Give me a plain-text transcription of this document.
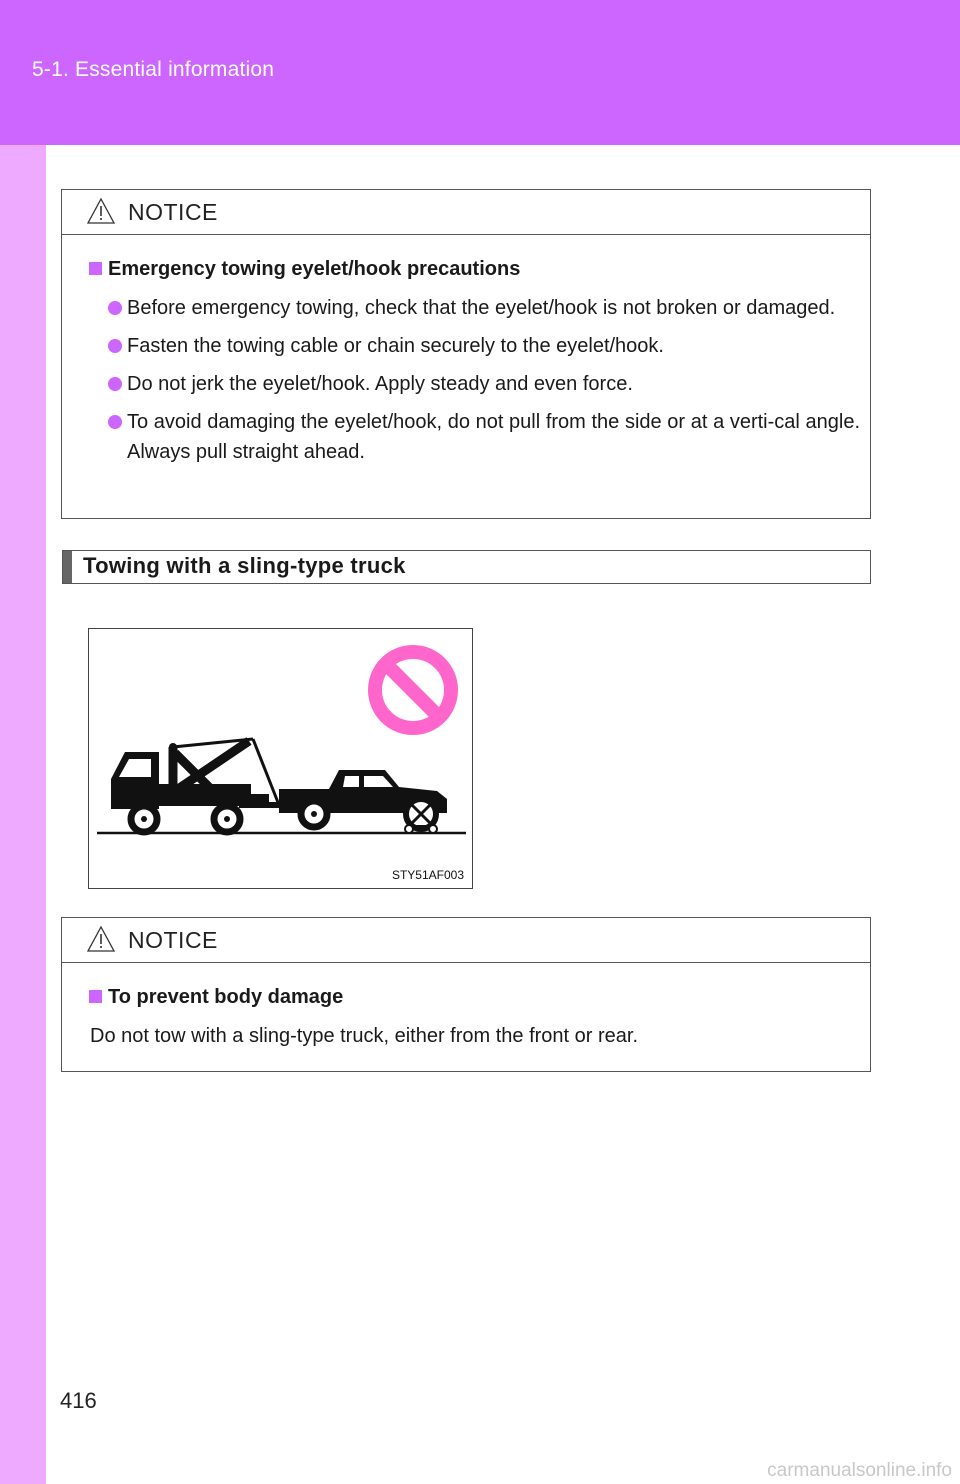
5-1. Essential information
NOTICE
Emergency towing eyelet/hook precautions
Before emergency towing, check that the eyelet/hook is not broken or damaged.
Fasten the towing cable or chain securely to the eyelet/hook.
Do not jerk the eyelet/hook. Apply steady and even force.
To avoid damaging the eyelet/hook, do not pull from the side or at a verti-cal angle. Always pull straight ahead.
Towing with a sling-type truck
STY51AF003
NOTICE
To prevent body damage
Do not tow with a sling-type truck, either from the front or rear.
416
carmanualsonline.info
